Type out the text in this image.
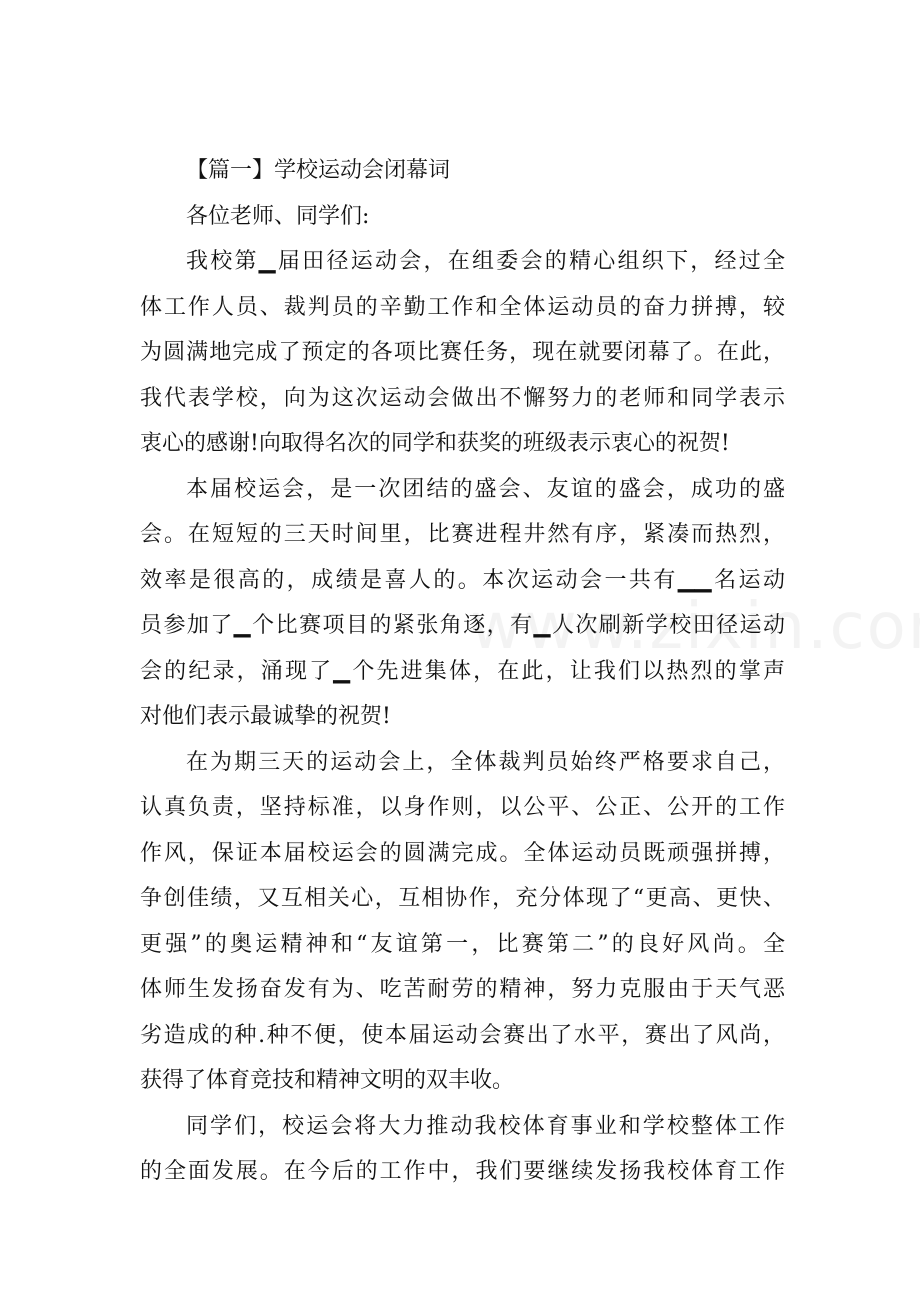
【篇一】学校运动会闭幕词
各位老师、同学们:
我校第▁届田径运动会，在组委会的精心组织下，经过全
体工作人员、裁判员的辛勤工作和全体运动员的奋力拼搏，较
为圆满地完成了预定的各项比赛任务，现在就要闭幕了。在此，
我代表学校，向为这次运动会做出不懈努力的老师和同学表示
衷心的感谢!向取得名次的同学和获奖的班级表示衷心的祝贺!
本届校运会，是一次团结的盛会、友谊的盛会，成功的盛
会。在短短的三天时间里，比赛进程井然有序，紧凑而热烈，
效率是很高的，成绩是喜人的。本次运动会一共有▁▁名运动
员参加了▁个比赛项目的紧张角逐，有▁人次刷新学校田径运动
会的纪录，涌现了▁个先进集体，在此，让我们以热烈的掌声
对他们表示最诚挚的祝贺!
在为期三天的运动会上，全体裁判员始终严格要求自己，
认真负责，坚持标准，以身作则，以公平、公正、公开的工作
作风，保证本届校运会的圆满完成。全体运动员既顽强拼搏，
争创佳绩，又互相关心，互相协作，充分体现了“更高、更快、
更强”的奥运精神和“友谊第一，比赛第二”的良好风尚。全
体师生发扬奋发有为、吃苦耐劳的精神，努力克服由于天气恶
劣造成的种.种不便，使本届运动会赛出了水平，赛出了风尚，
获得了体育竞技和精神文明的双丰收。
同学们，校运会将大力推动我校体育事业和学校整体工作
的全面发展。在今后的工作中，我们要继续发扬我校体育工作
